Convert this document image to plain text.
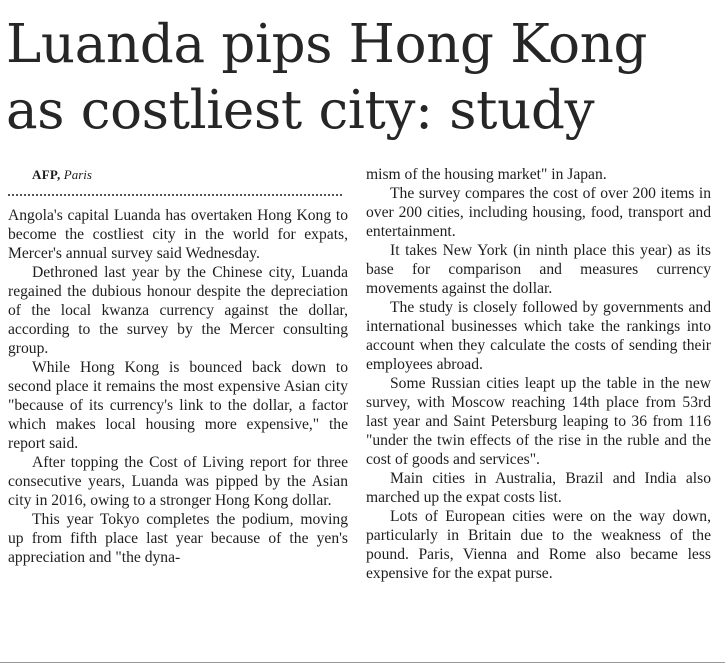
Luanda pips Hong Kong
as costliest city: study

AFP, Paris

Angola's capital Luanda has overtaken Hong Kong to become the costliest city in the world for expats, Mercer's annual survey said Wednesday.

Dethroned last year by the Chinese city, Luanda regained the dubious honour despite the depreciation of the local kwanza currency against the dollar, according to the survey by the Mercer consulting group.

While Hong Kong is bounced back down to second place it remains the most expensive Asian city "because of its currency's link to the dollar, a factor which makes local housing more expensive," the report said.

After topping the Cost of Living report for three consecutive years, Luanda was pipped by the Asian city in 2016, owing to a stronger Hong Kong dollar.

This year Tokyo completes the podium, moving up from fifth place last year because of the yen's appreciation and "the dyna-

mism of the housing market" in Japan.

The survey compares the cost of over 200 items in over 200 cities, including housing, food, transport and entertainment.

It takes New York (in ninth place this year) as its base for comparison and measures currency movements against the dollar.

The study is closely followed by governments and international businesses which take the rankings into account when they calculate the costs of sending their employees abroad.

Some Russian cities leapt up the table in the new survey, with Moscow reaching 14th place from 53rd last year and Saint Petersburg leaping to 36 from 116 "under the twin effects of the rise in the ruble and the cost of goods and services".

Main cities in Australia, Brazil and India also marched up the expat costs list.

Lots of European cities were on the way down, particularly in Britain due to the weakness of the pound. Paris, Vienna and Rome also became less expensive for the expat purse.
